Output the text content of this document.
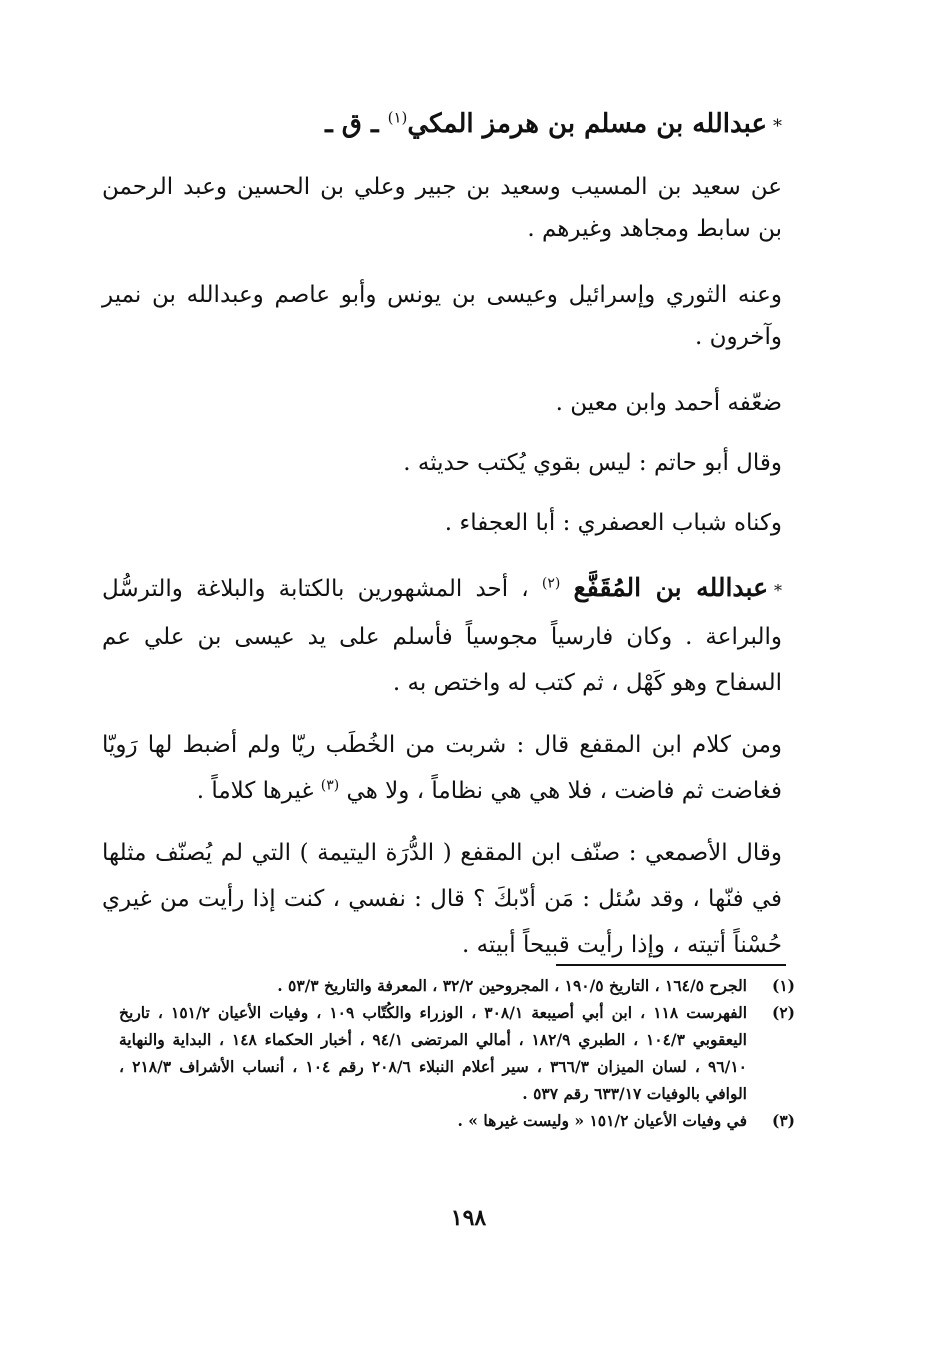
*عبدالله بن مسلم بن هرمز المكي$^{(١)}$ ـ ق ـ
عن سعيد بن المسيب وسعيد بن جبير وعلي بن الحسين وعبد الرحمن بن سابط ومجاهد وغيرهم .
وعنه الثوري وإسرائيل وعيسى بن يونس وأبو عاصم وعبدالله بن نمير وآخرون .
ضعّفه أحمد وابن معين .
وقال أبو حاتم : ليس بقوي يُكتب حديثه .
وكناه شباب العصفري : أبا العجفاء .
*عبدالله بن المُقَفَّع $^{(٢)}$ ، أحد المشهورين بالكتابة والبلاغة والترسُّل والبراعة . وكان فارسياً مجوسياً فأسلم على يد عيسى بن علي عم السفاح وهو كَهْل ، ثم كتب له واختص به .
ومن كلام ابن المقفع قال : شربت من الخُطَب ريّا ولم أضبط لها رَويّا فغاضت ثم فاضت ، فلا هي هي نظاماً ، ولا هي $^{(٣)}$ غيرها كلاماً .
وقال الأصمعي : صنّف ابن المقفع ( الدُّرَة اليتيمة ) التي لم يُصنّف مثلها في فنّها ، وقد سُئل : مَن أدّبكَ ؟ قال : نفسي ، كنت إذا رأيت من غيري حُسْناً أتيته ، وإذا رأيت قبيحاً أبيته .
(١)
الجرح ١٦٤/٥ ، التاريخ ١٩٠/٥ ، المجروحين ٣٢/٢ ، المعرفة والتاريخ ٥٣/٣ .
(٢)
الفهرست ١١٨ ، ابن أبي أصيبعة ٣٠٨/١ ، الوزراء والكُتّاب ١٠٩ ، وفيات الأعيان ١٥١/٢ ، تاريخ اليعقوبي ١٠٤/٣ ، الطبري ١٨٢/٩ ، أمالي المرتضى ٩٤/١ ، أخبار الحكماء ١٤٨ ، البداية والنهاية ٩٦/١٠ ، لسان الميزان ٣٦٦/٣ ، سير أعلام النبلاء ٢٠٨/٦ رقم ١٠٤ ، أنساب الأشراف ٢١٨/٣ ، الوافي بالوفيات ٦٣٣/١٧ رقم ٥٣٧ .
(٣)
في وفيات الأعيان ١٥١/٢ « وليست غيرها » .
١٩٨
